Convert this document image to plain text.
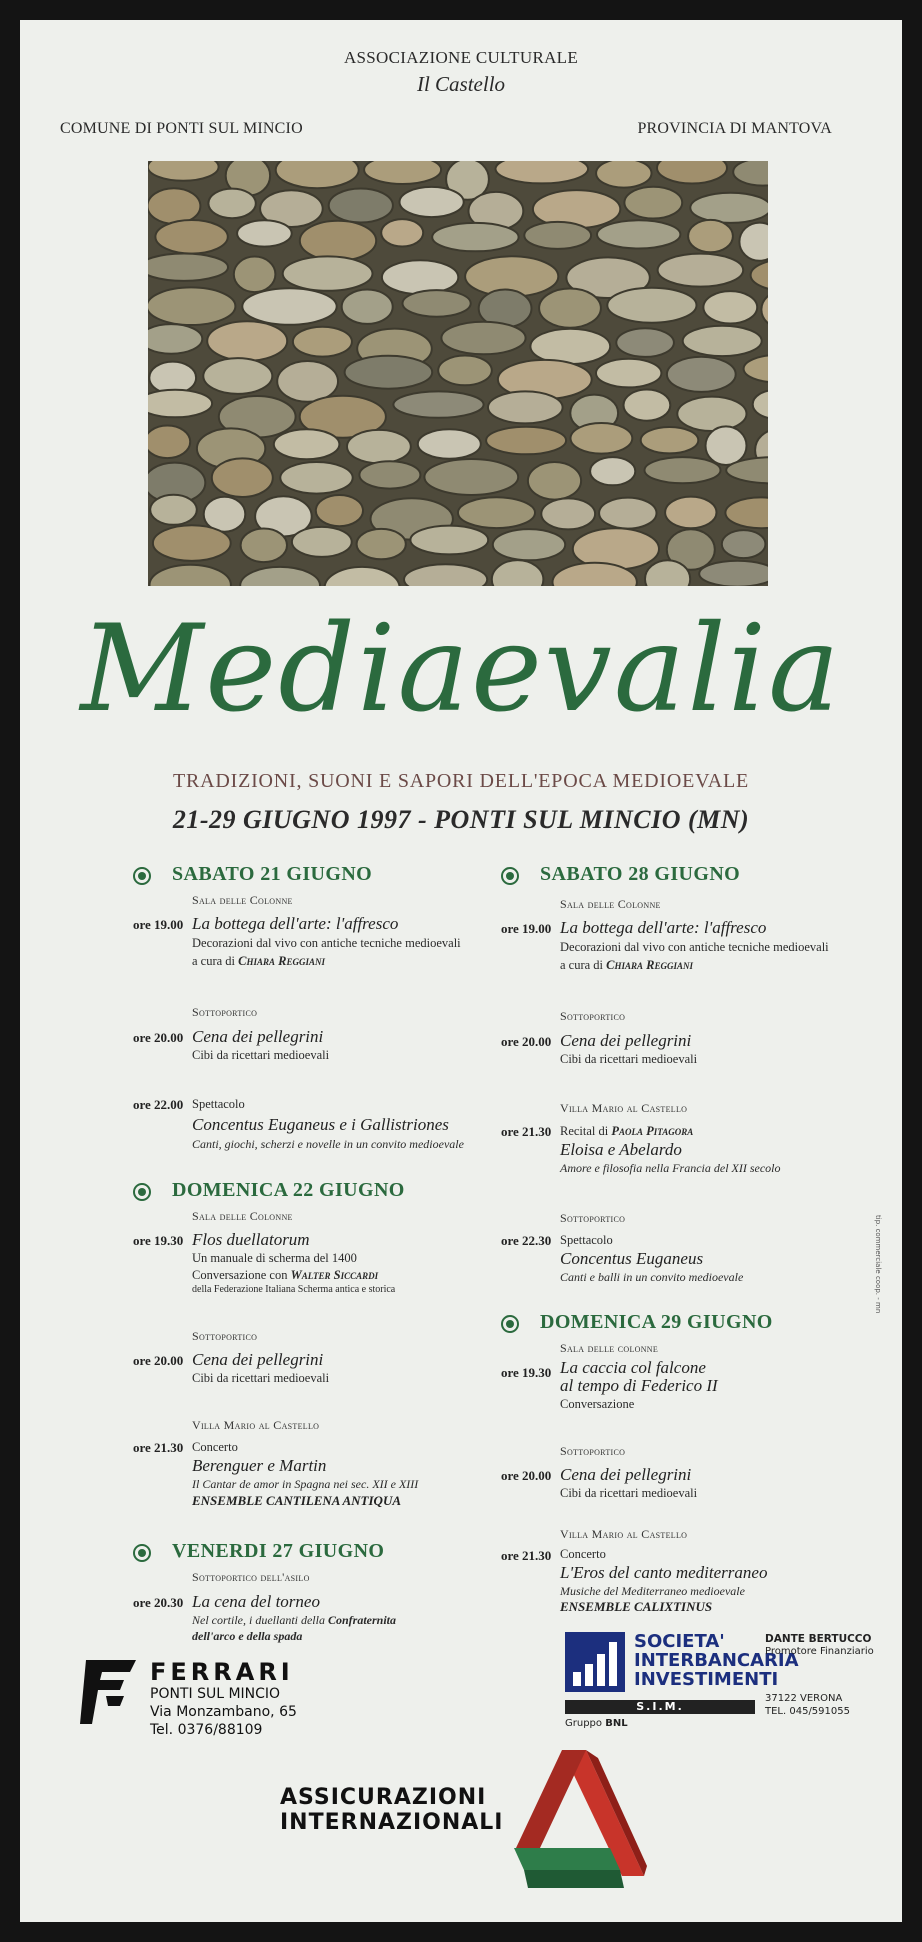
ASSOCIAZIONE CULTURALE
Il Castello
COMUNE DI PONTI SUL MINCIO	PROVINCIA DI MANTOVA
Mediaevalia
TRADIZIONI, SUONI E SAPORI DELL'EPOCA MEDIOEVALE
21-29 GIUGNO 1997 - PONTI SUL MINCIO (MN)
SABATO 21 GIUGNO
Sala delle Colonne
ore 19.00 La bottega dell'arte: l'affresco
Decorazioni dal vivo con antiche tecniche medioevali
a cura di Chiara Reggiani
Sottoportico
ore 20.00 Cena dei pellegrini
Cibi da ricettari medioevali
ore 22.00 Spettacolo
Concentus Euganeus e i Gallistriones
Canti, giochi, scherzi e novelle in un convito medioevale
DOMENICA 22 GIUGNO
Sala delle Colonne
ore 19.30 Flos duellatorum
Un manuale di scherma del 1400
Conversazione con Walter Siccardi
della Federazione Italiana Scherma antica e storica
Sottoportico
ore 20.00 Cena dei pellegrini
Cibi da ricettari medioevali
Villa Mario al Castello
ore 21.30 Concerto
Berenguer e Martin
Il Cantar de amor in Spagna nei sec. XII e XIII
ENSEMBLE CANTILENA ANTIQUA
VENERDI 27 GIUGNO
Sottoportico dell'asilo
ore 20.30 La cena del torneo
Nel cortile, i duellanti della Confraternita
dell'arco e della spada
SABATO 28 GIUGNO
Sala delle Colonne
ore 19.00 La bottega dell'arte: l'affresco
Decorazioni dal vivo con antiche tecniche medioevali
a cura di Chiara Reggiani
Sottoportico
ore 20.00 Cena dei pellegrini
Cibi da ricettari medioevali
Villa Mario al Castello
ore 21.30 Recital di Paola Pitagora
Eloisa e Abelardo
Amore e filosofia nella Francia del XII secolo
Sottoportico
ore 22.30 Spettacolo
Concentus Euganeus
Canti e balli in un convito medioevale
DOMENICA 29 GIUGNO
Sala delle colonne
ore 19.30 La caccia col falcone
al tempo di Federico II
Conversazione
Sottoportico
ore 20.00 Cena dei pellegrini
Cibi da ricettari medioevali
Villa Mario al Castello
ore 21.30 Concerto
L'Eros del canto mediterraneo
Musiche del Mediterraneo medioevale
ENSEMBLE CALIXTINUS
tip. commerciale coop. - mn
FERRARI
PONTI SUL MINCIO
Via Monzambano, 65
Tel. 0376/88109
SOCIETA'
INTERBANCARIA
INVESTIMENTI
S.I.M.
Gruppo BNL
DANTE BERTUCCO
Promotore Finanziario
37122 VERONA
TEL. 045/591055
ASSICURAZIONI
INTERNAZIONALI
